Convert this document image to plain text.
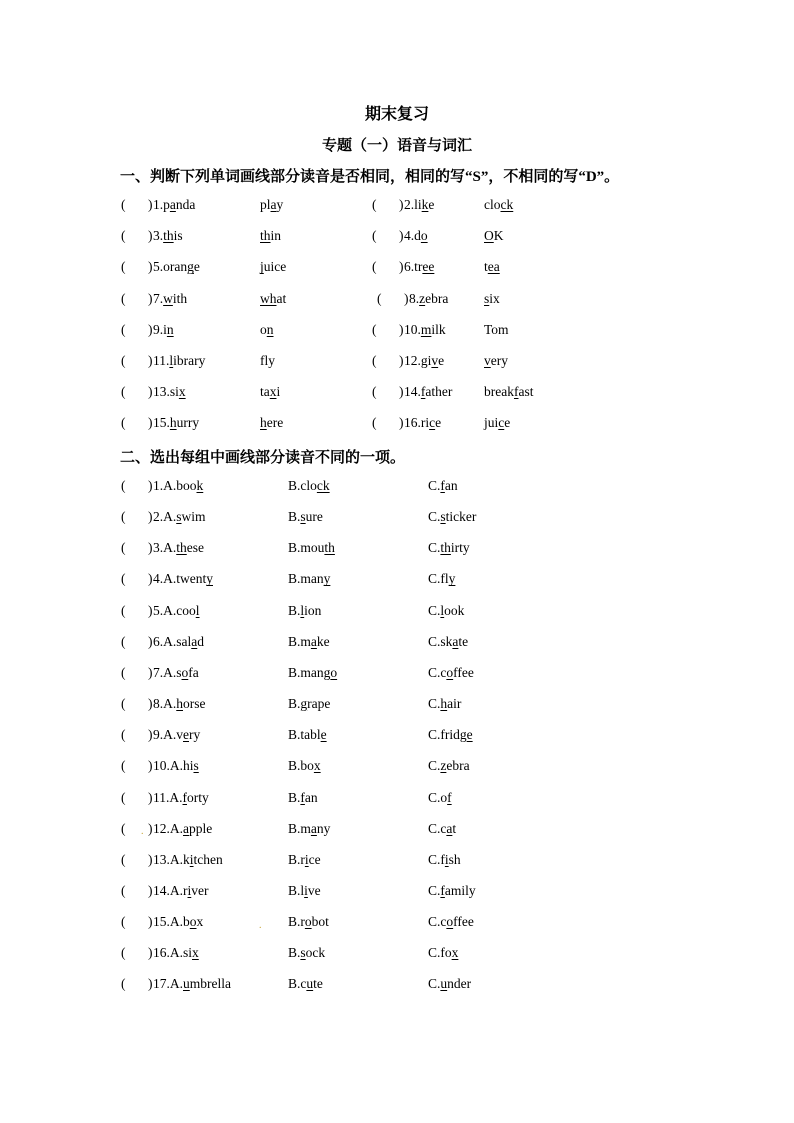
期末复习
专题（一）语音与词汇
一、判断下列单词画线部分读音是否相同，相同的写“S”，不相同的写“D”。
( ) 1.panda	play	( ) 2.like	clock
( ) 3.this	thin	( ) 4.do	OK
( ) 5.orange	juice	( ) 6.tree	tea
( ) 7.with	what	( ) 8.zebra	six
( ) 9.in	on	( ) 10.milk	Tom
( ) 11.library	fly	( ) 12.give	very
( ) 13.six	taxi	( ) 14.father breakfast
( ) 15.hurry	here	( ) 16.rice	juice
二、选出每组中画线部分读音不同的一项。
( ) 1.A.book	B.clock	C.fan
( ) 2.A.swim	B.sure	C.sticker
( ) 3.A.these	B.mouth	C.thirty
( ) 4.A.twenty	B.many	C.fly
( ) 5.A.cool	B.lion	C.look
( ) 6.A.salad	B.make	C.skate
( ) 7.A.sofa	B.mango	C.coffee
( ) 8.A.horse	B.grape	C.hair
( ) 9.A.very	B.table	C.fridge
( ) 10.A.his	B.box	C.zebra
( ) 11.A.forty	B.fan	C.of
( ) 12.A.apple	B.many	C.cat
( ) 13.A.kitchen	B.rice	C.fish
( ) 14.A.river	B.live	C.family
( ) 15.A.box	B.robot	C.coffee
( ) 16.A.six	B.sock	C.fox
( ) 17.A.umbrella	B.cute	C.under
.
.
